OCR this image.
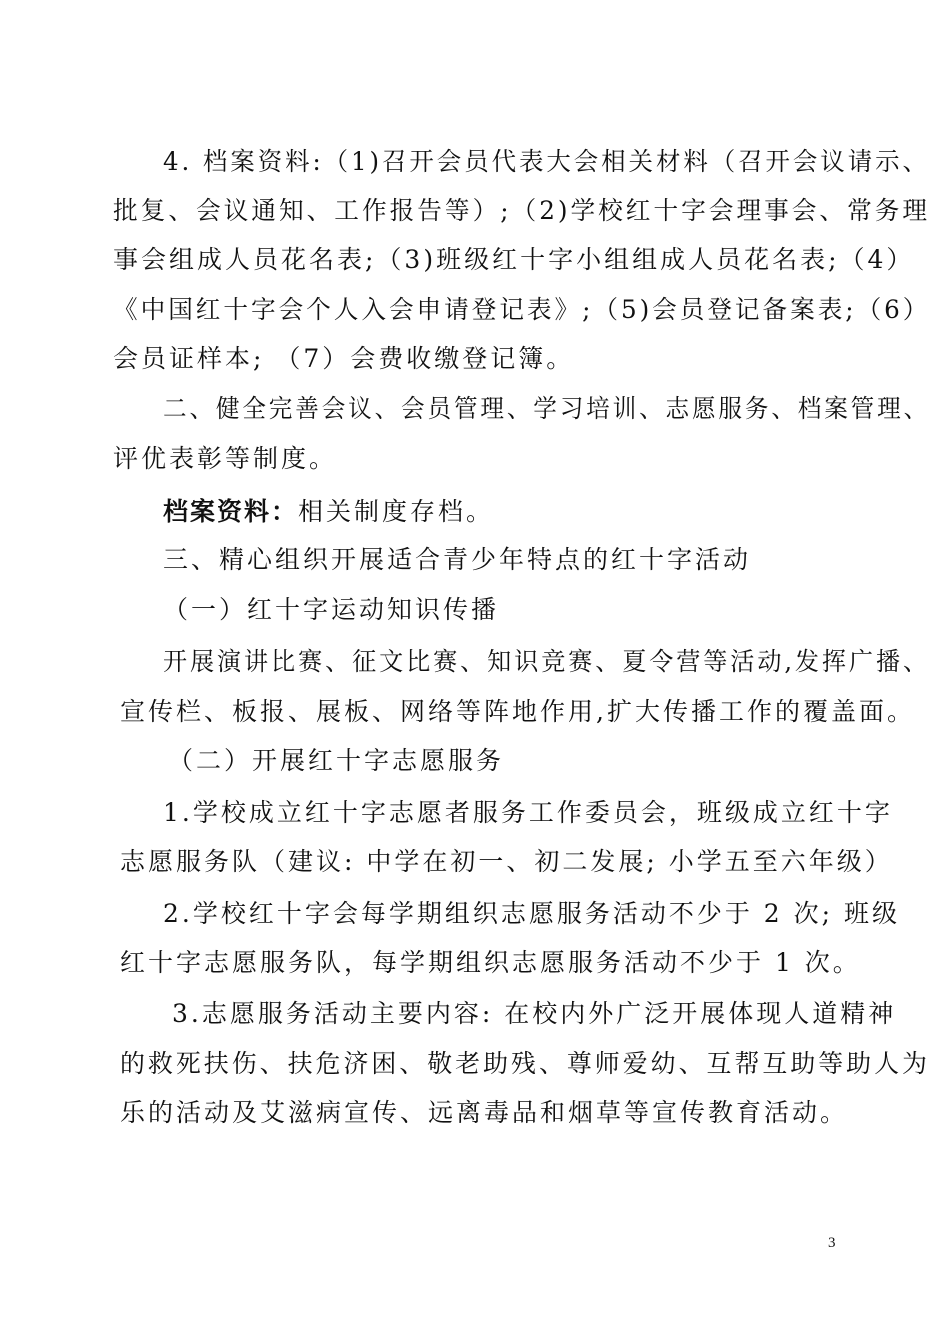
4. 档案资料:（1)召开会员代表大会相关材料（召开会议请示、
批复、会议通知、工作报告等）;（2)学校红十字会理事会、常务理
事会组成人员花名表;（3)班级红十字小组组成人员花名表;（4）
《中国红十字会个人入会申请登记表》;（5)会员登记备案表;（6）
会员证样本; （7）会费收缴登记簿。
二、健全完善会议、会员管理、学习培训、志愿服务、档案管理、
评优表彰等制度。
档案资料：相关制度存档。
三、精心组织开展适合青少年特点的红十字活动
（一）红十字运动知识传播
开展演讲比赛、征文比赛、知识竞赛、夏令营等活动,发挥广播、
宣传栏、板报、展板、网络等阵地作用,扩大传播工作的覆盖面。
（二）开展红十字志愿服务
1.学校成立红十字志愿者服务工作委员会，班级成立红十字
志愿服务队（建议: 中学在初一、初二发展; 小学五至六年级）
2.学校红十字会每学期组织志愿服务活动不少于 2 次; 班级
红十字志愿服务队，每学期组织志愿服务活动不少于 1 次。
3.志愿服务活动主要内容: 在校内外广泛开展体现人道精神
的救死扶伤、扶危济困、敬老助残、尊师爱幼、互帮互助等助人为
乐的活动及艾滋病宣传、远离毒品和烟草等宣传教育活动。
3
